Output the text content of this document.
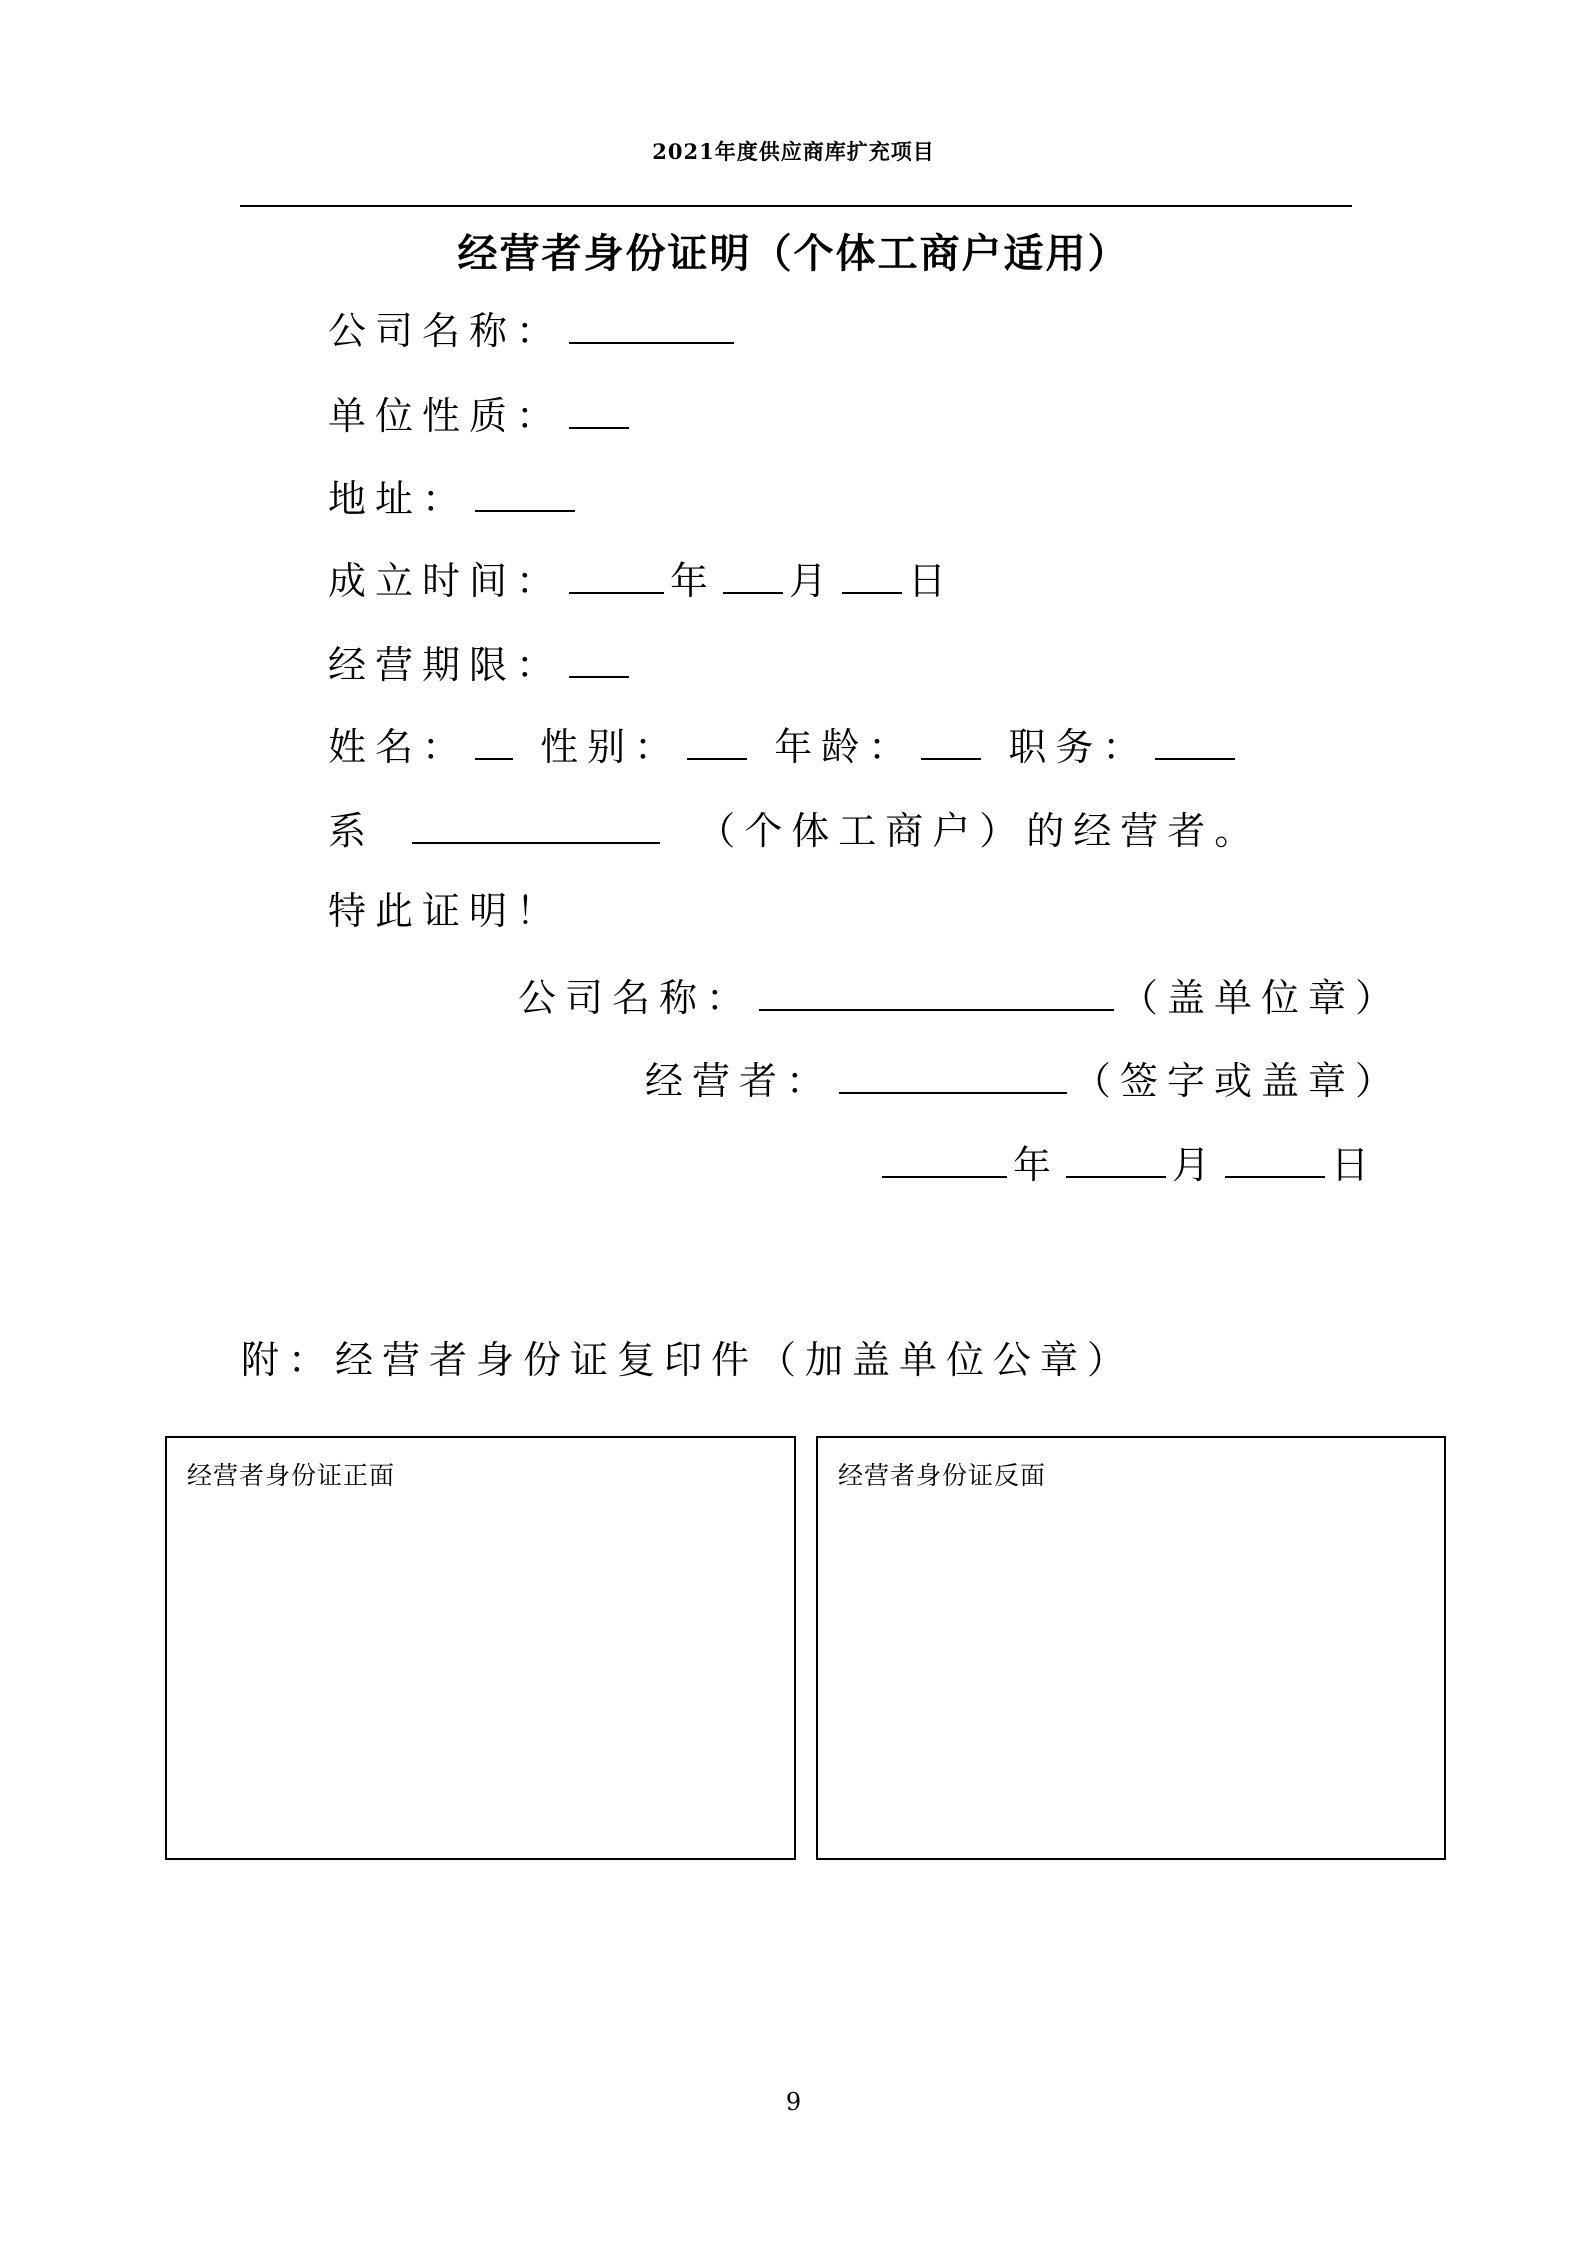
2021年度供应商库扩充项目
经营者身份证明（个体工商户适用）
公司名称：
单位性质：
地址：
成立时间：	年 月 日
经营期限：
姓名： 性别： 年龄： 职务：
系	（个体工商户）的经营者。
特此证明！
公司名称：	（盖单位章）
经营者：	（签字或盖章）
年	月	日
附：经营者身份证复印件（加盖单位公章）
经营者身份证正面	经营者身份证反面
9
